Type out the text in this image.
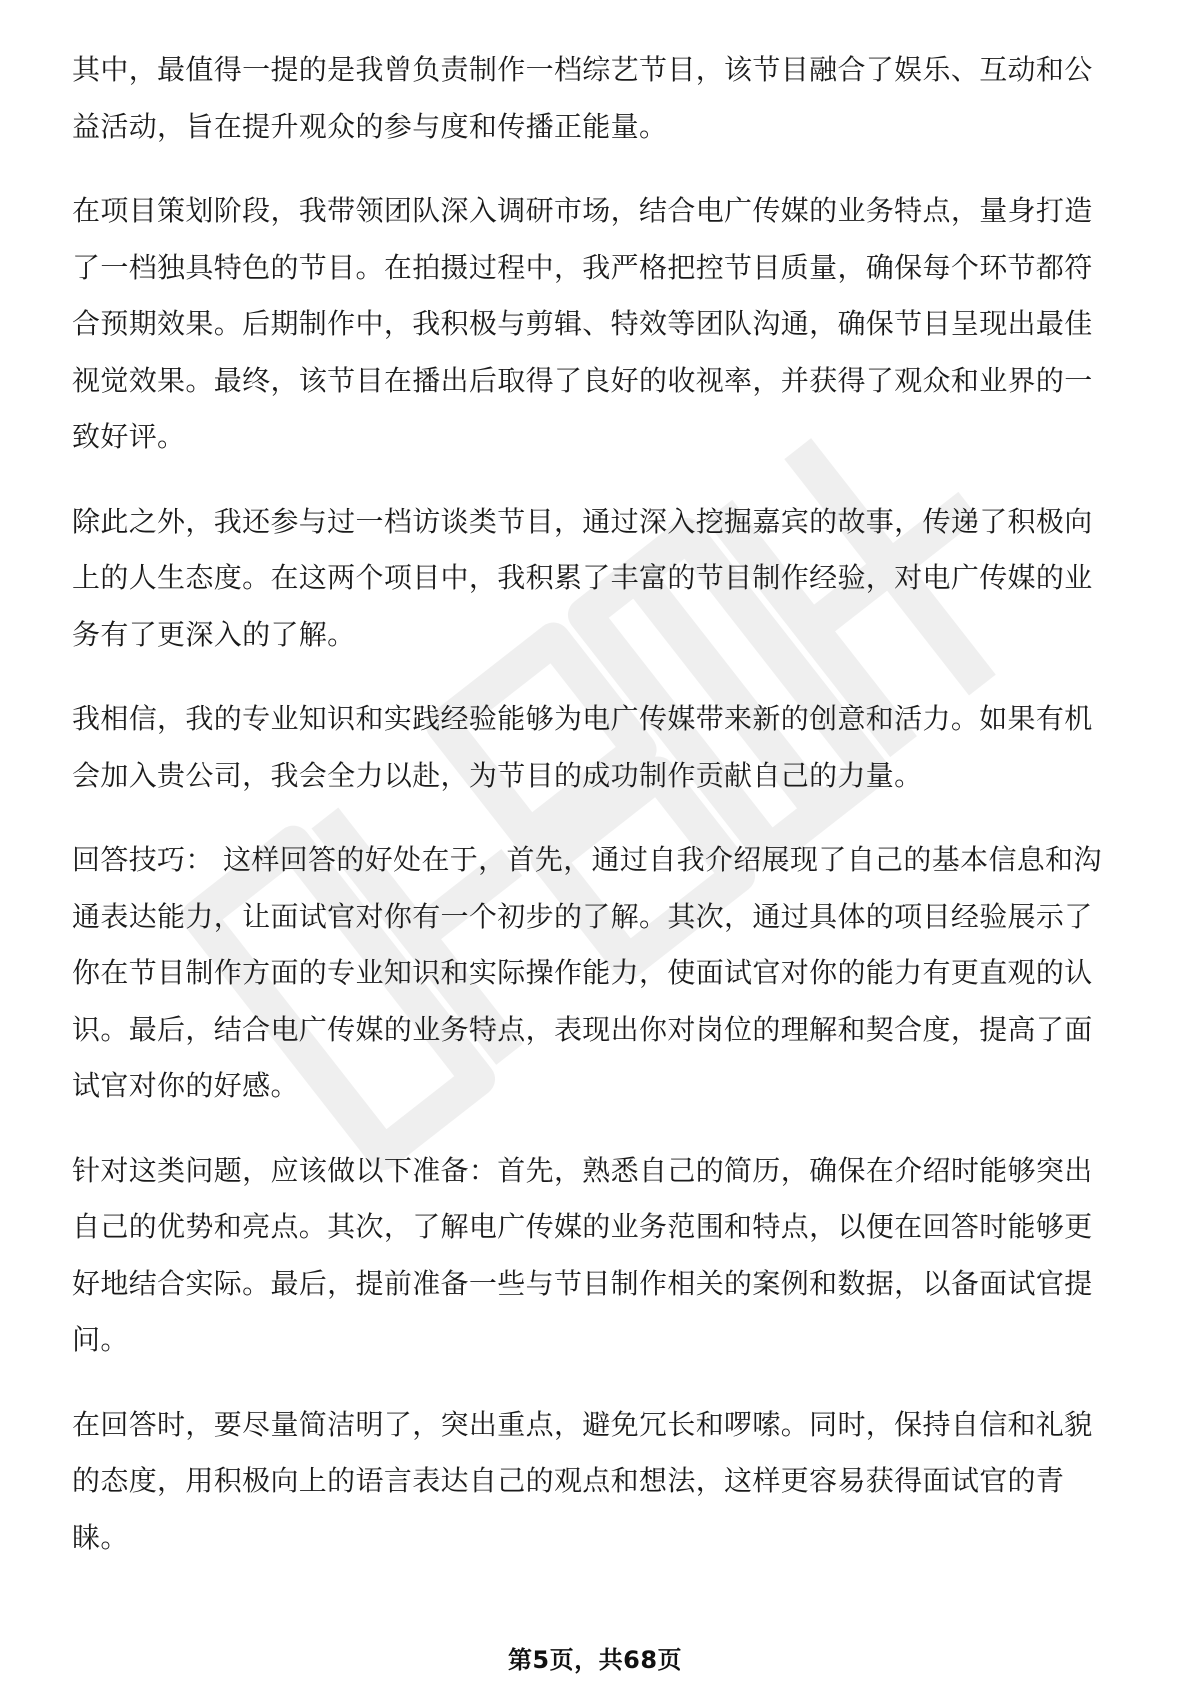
其中，最值得一提的是我曾负责制作一档综艺节目，该节目融合了娱乐、互动和公益活动，旨在提升观众的参与度和传播正能量。

在项目策划阶段，我带领团队深入调研市场，结合电广传媒的业务特点，量身打造了一档独具特色的节目。在拍摄过程中，我严格把控节目质量，确保每个环节都符合预期效果。后期制作中，我积极与剪辑、特效等团队沟通，确保节目呈现出最佳视觉效果。最终，该节目在播出后取得了良好的收视率，并获得了观众和业界的一致好评。

除此之外，我还参与过一档访谈类节目，通过深入挖掘嘉宾的故事，传递了积极向上的人生态度。在这两个项目中，我积累了丰富的节目制作经验，对电广传媒的业务有了更深入的了解。

我相信，我的专业知识和实践经验能够为电广传媒带来新的创意和活力。如果有机会加入贵公司，我会全力以赴，为节目的成功制作贡献自己的力量。

回答技巧： 这样回答的好处在于，首先，通过自我介绍展现了自己的基本信息和沟通表达能力，让面试官对你有一个初步的了解。其次，通过具体的项目经验展示了你在节目制作方面的专业知识和实际操作能力，使面试官对你的能力有更直观的认识。最后，结合电广传媒的业务特点，表现出你对岗位的理解和契合度，提高了面试官对你的好感。

针对这类问题，应该做以下准备：首先，熟悉自己的简历，确保在介绍时能够突出自己的优势和亮点。其次，了解电广传媒的业务范围和特点，以便在回答时能够更好地结合实际。最后，提前准备一些与节目制作相关的案例和数据，以备面试官提问。

在回答时，要尽量简洁明了，突出重点，避免冗长和啰嗦。同时，保持自信和礼貌的态度，用积极向上的语言表达自己的观点和想法，这样更容易获得面试官的青睐。

第5页，共68页
